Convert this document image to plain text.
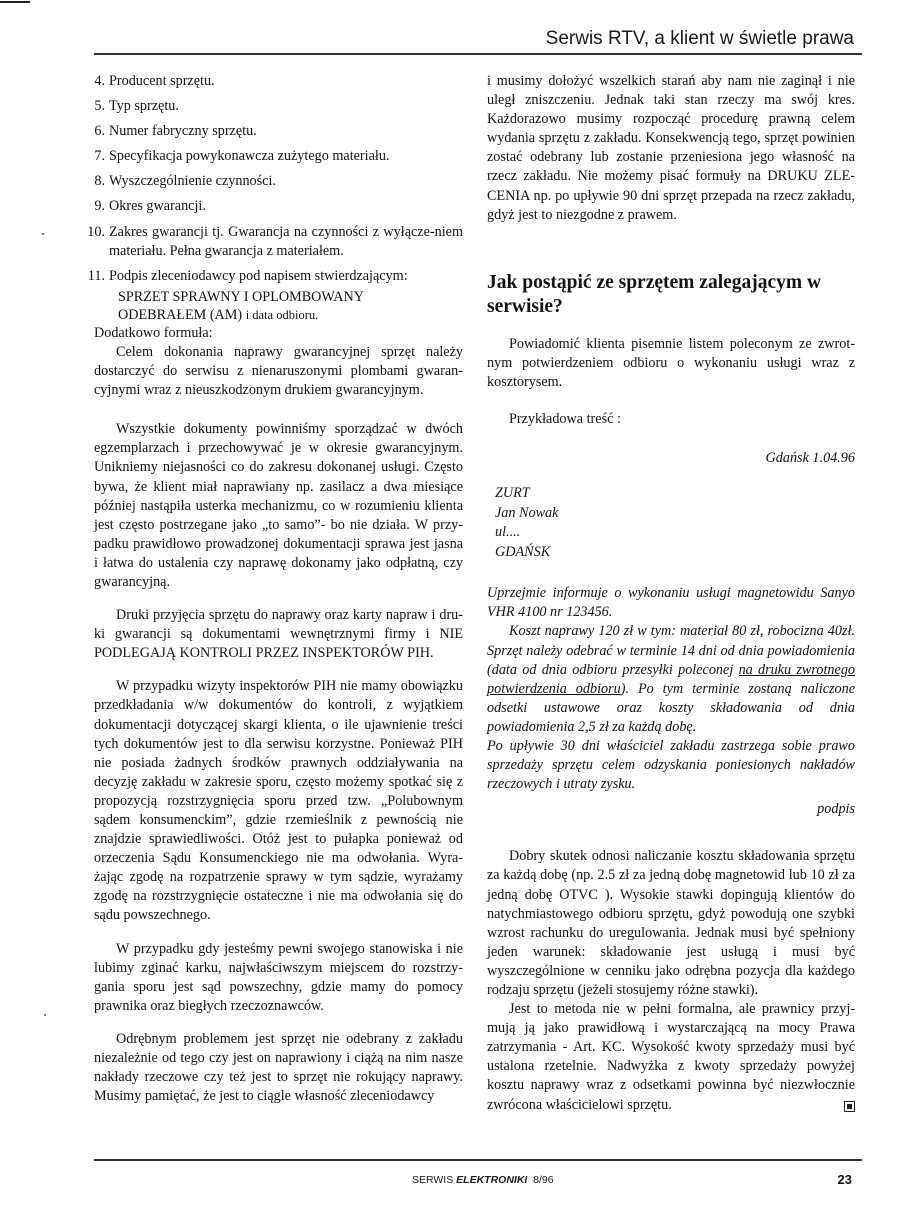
Serwis RTV, a klient w świetle prawa
4. Producent sprzętu.
5. Typ sprzętu.
6. Numer fabryczny sprzętu.
7. Specyfikacja powykonawcza zużytego materiału.
8. Wyszczególnienie czynności.
9. Okres gwarancji.
10. Zakres gwarancji tj. Gwarancja na czynności z wyłącze-niem materiału. Pełna gwarancja z materiałem.
11. Podpis zleceniodawcy pod napisem stwierdzającym:

SPRZET SPRAWNY I OPLOMBOWANY

ODEBRAŁEM (AM) i data odbioru.

Dodatkowo formuła:

Celem dokonania naprawy gwarancyjnej sprzęt należy dostarczyć do serwisu z nienaruszonymi plombami gwaran-cyjnymi wraz z nieuszkodzonym drukiem gwarancyjnym.

Wszystkie dokumenty powinniśmy sporządzać w dwóch egzemplarzach i przechowywać je w okresie gwarancyjnym. Unikniemy niejasności co do zakresu dokonanej usługi. Często bywa, że klient miał naprawiany np. zasilacz a dwa miesiące później nastąpiła usterka mechanizmu, co w rozumieniu klienta jest często postrzegane jako „to samo”- bo nie działa. W przy-padku prawidłowo prowadzonej dokumentacji sprawa jest jasna i łatwa do ustalenia czy naprawę dokonamy jako odpłatną, czy gwarancyjną.

Druki przyjęcia sprzętu do naprawy oraz karty napraw i dru-ki gwarancji są dokumentami wewnętrznymi firmy i NIE PODLEGAJĄ KONTROLI PRZEZ INSPEKTORÓW PIH.

W przypadku wizyty inspektorów PIH nie mamy obowiązku przedkładania w/w dokumentów do kontroli, z wyjątkiem dokumentacji dotyczącej skargi klienta, o ile ujawnienie treści tych dokumentów jest to dla serwisu korzystne. Ponieważ PIH nie posiada żadnych środków prawnych oddziaływania na decyzję zakładu w zakresie sporu, często możemy spotkać się z propozycją rozstrzygnięcia sporu przed tzw. „Polubownym sądem konsumenckim”, gdzie rzemieślnik z pewnością nie znajdzie sprawiedliwości. Otóż jest to pułapka ponieważ od orzeczenia Sądu Konsumenckiego nie ma odwołania. Wyra-żając zgodę na rozpatrzenie sprawy w tym sądzie, wyrażamy zgodę na rozstrzygnięcie ostateczne i nie ma odwołania się do sądu powszechnego.

W przypadku gdy jesteśmy pewni swojego stanowiska i nie lubimy zginać karku, najwłaściwszym miejscem do rozstrzy-gania sporu jest sąd powszechny, gdzie mamy do pomocy prawnika oraz biegłych rzeczoznawców.

Odrębnym problemem jest sprzęt nie odebrany z zakładu niezależnie od tego czy jest on naprawiony i ciążą na nim nasze nakłady rzeczowe czy też jest to sprzęt nie rokujący naprawy. Musimy pamiętać, że jest to ciągle własność zleceniodawcy

i musimy dołożyć wszelkich starań aby nam nie zaginął i nie uległ zniszczeniu. Jednak taki stan rzeczy ma swój kres. Każdorazowo musimy rozpocząć procedurę prawną celem wydania sprzętu z zakładu. Konsekwencją tego, sprzęt powinien zostać odebrany lub zostanie przeniesiona jego własność na rzecz zakładu. Nie możemy pisać formuły na DRUKU ZLE-CENIA np. po upływie 90 dni sprzęt przepada na rzecz zakładu, gdyż jest to niezgodne z prawem.

Jak postąpić ze sprzętem zalegającym w serwisie?

Powiadomić klienta pisemnie listem poleconym ze zwrot-nym potwierdzeniem odbioru o wykonaniu usługi wraz z kosztorysem.

Przykładowa treść :

Gdańsk 1.04.96

ZURT

Jan Nowak

ul....

GDAŃSK

Uprzejmie informuje o wykonaniu usługi magnetowidu Sanyo VHR 4100 nr 123456.

Koszt naprawy 120 zł w tym: materiał 80 zł, robocizna 40zł. Sprzęt należy odebrać w terminie 14 dni od dnia powiadomienia (data od dnia odbioru przesyłki poleconej na druku zwrotnego potwierdzenia odbioru). Po tym terminie zostaną naliczone odsetki ustawowe oraz koszty składowania od dnia powiadomienia 2,5 zł za każdą dobę.

Po upływie 30 dni właściciel zakładu zastrzega sobie prawo sprzedaży sprzętu celem odzyskania poniesionych nakładów rzeczowych i utraty zysku.

podpis

Dobry skutek odnosi naliczanie kosztu składowania sprzętu za każdą dobę (np. 2.5 zł za jedną dobę magnetowid lub 10 zł za jedną dobę OTVC ). Wysokie stawki dopingują klientów do natychmiastowego odbioru sprzętu, gdyż powodują one szybki wzrost rachunku do uregulowania. Jednak musi być spełniony jeden warunek: składowanie jest usługą i musi być wyszczególnione w cenniku jako odrębna pozycja dla każdego rodzaju sprzętu (jeżeli stosujemy różne stawki).

Jest to metoda nie w pełni formalna, ale prawnicy przyj-mują ją jako prawidłową i wystarczającą na mocy Prawa zatrzymania - Art. KC. Wysokość kwoty sprzedaży musi być ustalona rzetelnie. Nadwyżka z kwoty sprzedaży powyżej kosztu naprawy wraz z odsetkami powinna być niezwłocznie zwrócona właścicielowi sprzętu.

SERWIS ELEKTRONIKI 8/96	23
